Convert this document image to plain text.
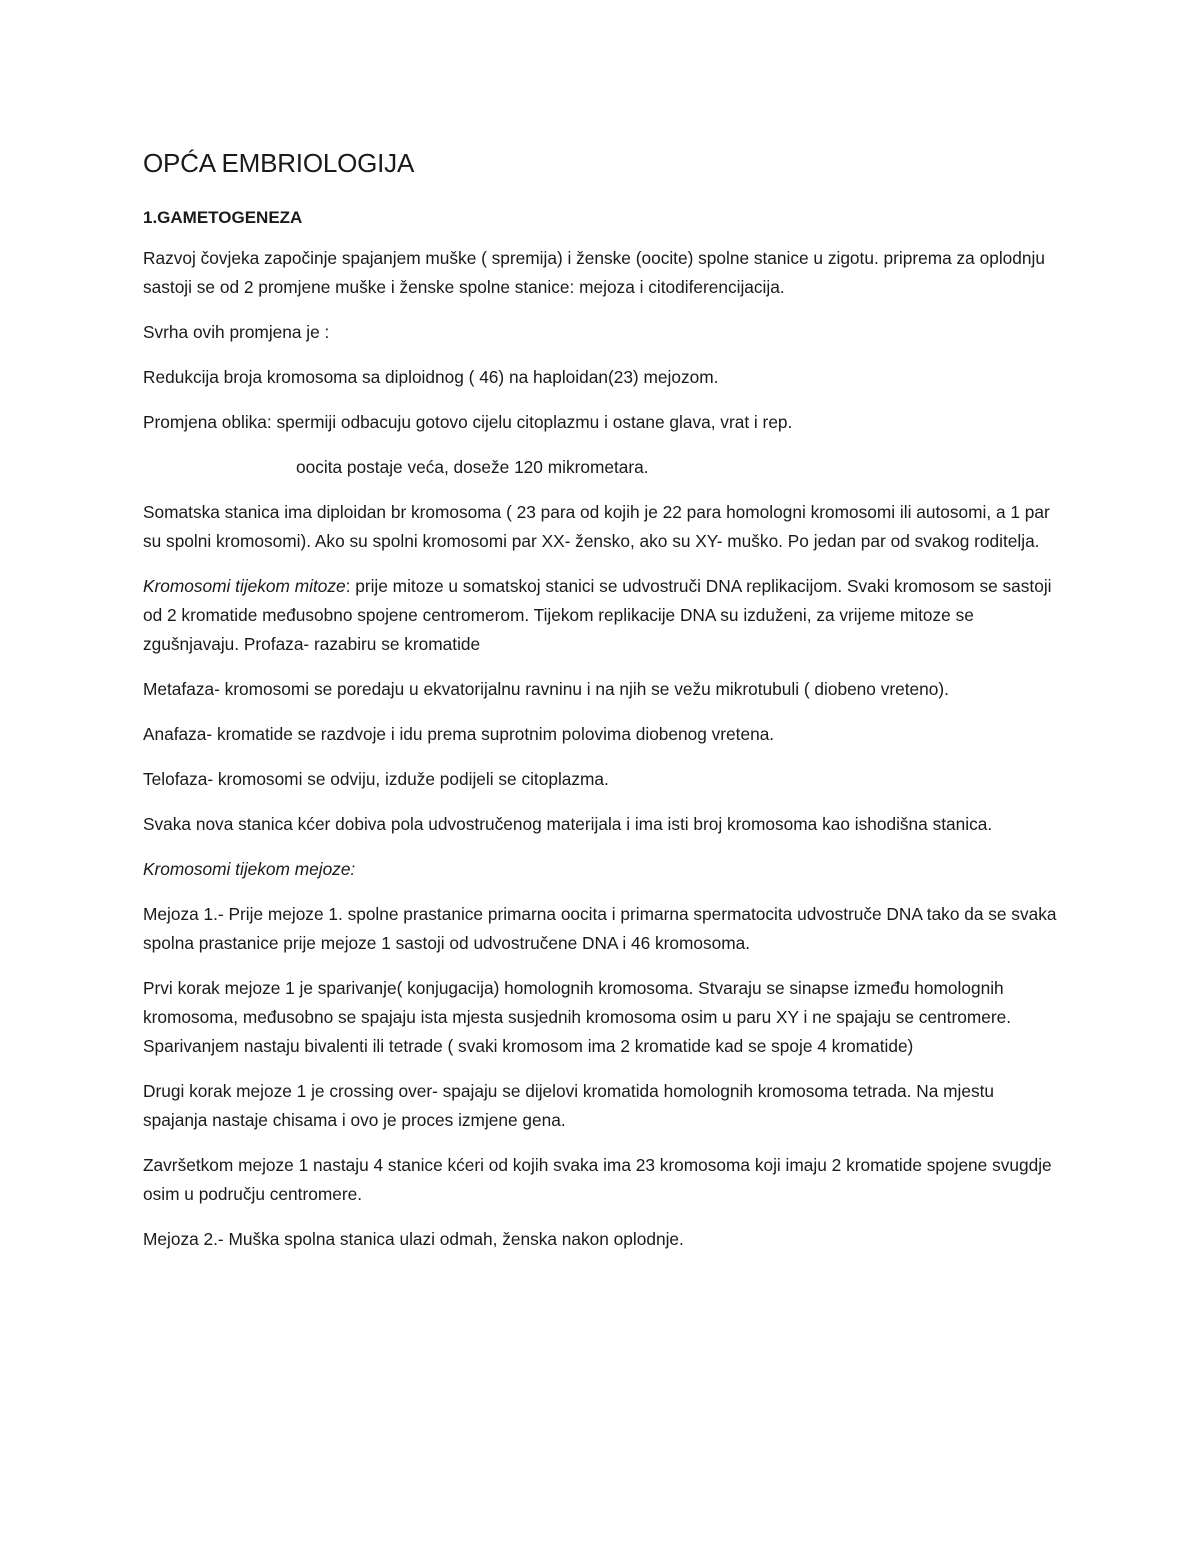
OPĆA EMBRIOLOGIJA
1.GAMETOGENEZA

Razvoj čovjeka započinje spajanjem muške ( spremija) i ženske (oocite) spolne stanice u zigotu. priprema za oplodnju sastoji se od 2 promjene muške i ženske spolne stanice: mejoza i citodiferencijacija.

Svrha ovih promjena je :

Redukcija broja kromosoma sa diploidnog ( 46) na haploidan(23) mejozom.

Promjena oblika: spermiji odbacuju gotovo cijelu citoplazmu i ostane glava, vrat i rep.

oocita postaje veća, doseže 120 mikrometara.

Somatska stanica ima diploidan br kromosoma ( 23 para od kojih je 22 para homologni kromosomi ili autosomi, a 1 par su spolni kromosomi). Ako su spolni kromosomi par XX- žensko, ako su XY- muško. Po jedan par od svakog roditelja.

Kromosomi tijekom mitoze: prije mitoze u somatskoj stanici se udvostruči DNA replikacijom. Svaki kromosom se sastoji od 2 kromatide međusobno spojene centromerom. Tijekom replikacije DNA su izduženi, za vrijeme mitoze se zgušnjavaju. Profaza- razabiru se kromatide

Metafaza- kromosomi se poredaju u ekvatorijalnu ravninu i na njih se vežu mikrotubuli ( diobeno vreteno).

Anafaza- kromatide se razdvoje i idu prema suprotnim polovima diobenog vretena.

Telofaza- kromosomi se odviju, izduže podijeli se citoplazma.

Svaka nova stanica kćer dobiva pola udvostručenog materijala i ima isti broj kromosoma kao ishodišna stanica.

Kromosomi tijekom mejoze:

Mejoza 1.- Prije mejoze 1. spolne prastanice primarna oocita i primarna spermatocita udvostruče DNA tako da se svaka spolna prastanice prije mejoze 1 sastoji od udvostručene DNA i 46 kromosoma.

Prvi korak mejoze 1 je sparivanje( konjugacija) homolognih kromosoma. Stvaraju se sinapse između homolognih kromosoma, međusobno se spajaju ista mjesta susjednih kromosoma osim u paru XY i ne spajaju se centromere. Sparivanjem nastaju bivalenti ili tetrade ( svaki kromosom ima 2 kromatide kad se spoje 4 kromatide)

Drugi korak mejoze 1 je crossing over- spajaju se dijelovi kromatida homolognih kromosoma tetrada. Na mjestu spajanja nastaje chisama i ovo je proces izmjene gena.

Završetkom mejoze 1 nastaju 4 stanice kćeri od kojih svaka ima 23 kromosoma koji imaju 2 kromatide spojene svugdje osim u području centromere.

Mejoza 2.- Muška spolna stanica ulazi odmah, ženska nakon oplodnje.
